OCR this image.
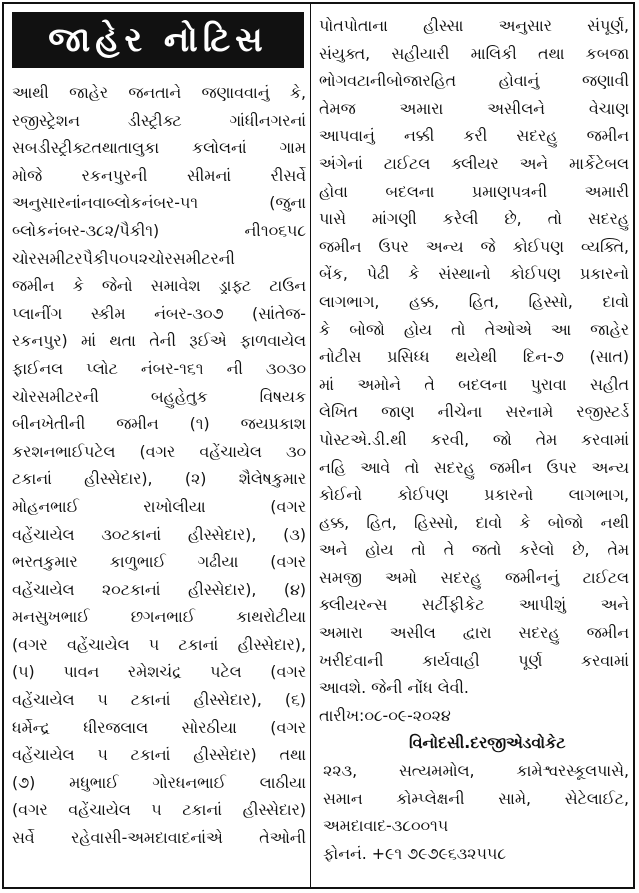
જાહેર નોટિસ
આથી જાહેર જનતાને જણાવવાનું કે,
રજીસ્ટ્રેશન ડીસ્ટ્રીક્ટ ગાંધીનગરનાં
સબડીસ્ટ્રીક્ટતથાતાલુકા કલોલનાં ગામ
મોજે રકનપુરની સીમનાં રીસર્વે
અનુસારનાંનવાબ્લોકનંબર-૫૧ (જુના
બ્લોકનંબર-૩૮૨/પૈકી૧) ની૧૦૬૫૮
ચોરસમીટરપૈકી૫૦૫૨ચોરસમીટરની
જમીન કે જેનો સમાવેશ ડ્રાફ્ટ ટાઉન
પ્લાનીંગ સ્કીમ નંબર-૩૦૭ (સાંતેજ-
રકનપુર) માં થતા તેની રૂઈએ ફાળવાયેલ
ફાઈનલ પ્લોટ નંબર-૧૬૧ ની ૩૦૩૦
ચોરસમીટરની બહુહેતુક વિષયક
બીનખેતીની જમીન (૧) જયપ્રકાશ
કરશનભાઈપટેલ (વગર વહેંચાયેલ ૩૦
ટકાનાં હીસ્સેદાર), (૨) શૈલેષકુમાર
મોહનભાઈ રાખોલીયા (વગર
વહેંચાયેલ ૩૦ટકાનાં હીસ્સેદાર), (૩)
ભરતકુમાર કાળુભાઈ ગઢીયા (વગર
વહેંચાયેલ ૨૦ટકાનાં હીસ્સેદાર), (૪)
મનસુખભાઈ છગનભાઈ કાથરોટીયા
(વગર વહેંચાયેલ ૫ ટકાનાં હીસ્સેદાર),
(૫) પાવન રમેશચંદ્ર પટેલ (વગર
વહેંચાયેલ ૫ ટકાનાં હીસ્સેદાર), (૬)
ધર્મેન્દ્ર ધીરજલાલ સોરઠીયા (વગર
વહેંચાયેલ ૫ ટકાનાં હીસ્સેદાર) તથા
(૭) મધુભાઈ ગોરધનભાઈ લાઠીયા
(વગર વહેંચાયેલ ૫ ટકાનાં હીસ્સેદાર)
સર્વે રહેવાસી-અમદાવાદનાંએ તેઓની
પોતપોતાના હીસ્સા અનુસાર સંપૂર્ણ,
સંયુક્ત, સહીયારી માલિકી તથા કબજા
ભોગવટાનીબોજારહિત હોવાનું જણાવી
તેમજ અમારા અસીલને વેચાણ
આપવાનું નક્કી કરી સદરહુ જમીન
અંગેનાં ટાઈટલ ક્લીયર અને માર્કેટેબલ
હોવા બદલના પ્રમાણપત્રની અમારી
પાસે માંગણી કરેલી છે, તો સદરહુ
જમીન ઉપર અન્ય જે કોઈપણ વ્યક્તિ,
બેંક, પેઢી કે સંસ્થાનો કોઈપણ પ્રકારનો
લાગભાગ, હક્ક, હિત, હિસ્સો, દાવો
કે બોજો હોય તો તેઓએ આ જાહેર
નોટીસ પ્રસિધ્ધ થયેથી દિન-૭ (સાત)
માં અમોને તે બદલના પુરાવા સહીત
લેખિત જાણ નીચેના સરનામે રજીસ્ટર્ડ
પોસ્ટએ.ડી.થી કરવી, જો તેમ કરવામાં
નહિ આવે તો સદરહુ જમીન ઉપર અન્ય
કોઈનો કોઈપણ પ્રકારનો લાગભાગ,
હક્ક, હિત, હિસ્સો, દાવો કે બોજો નથી
અને હોય તો તે જતો કરેલો છે, તેમ
સમજી અમો સદરહુ જમીનનું ટાઈટલ
ક્લીયરન્સ સર્ટીફીકેટ આપીશું અને
અમારા અસીલ દ્વારા સદરહુ જમીન
ખરીદવાની કાર્યવાહી પૂર્ણ કરવામાં
આવશે. જેની નોંધ લેવી.
તારીખ:૦૮-૦૯-૨૦૨૪
વિનોદસી.દરજીએડવોકેટ
૨૨૩, સત્યમમોલ, કામેશ્વરસ્કૂલપાસે,
સમાન કોમ્પ્લેક્ષની સામે, સેટેલાઈટ,
અમદાવાદ-૩૮૦૦૧૫
ફોનનં. +૯૧ ૭૯૭૯૬૩૨૫૫૮
